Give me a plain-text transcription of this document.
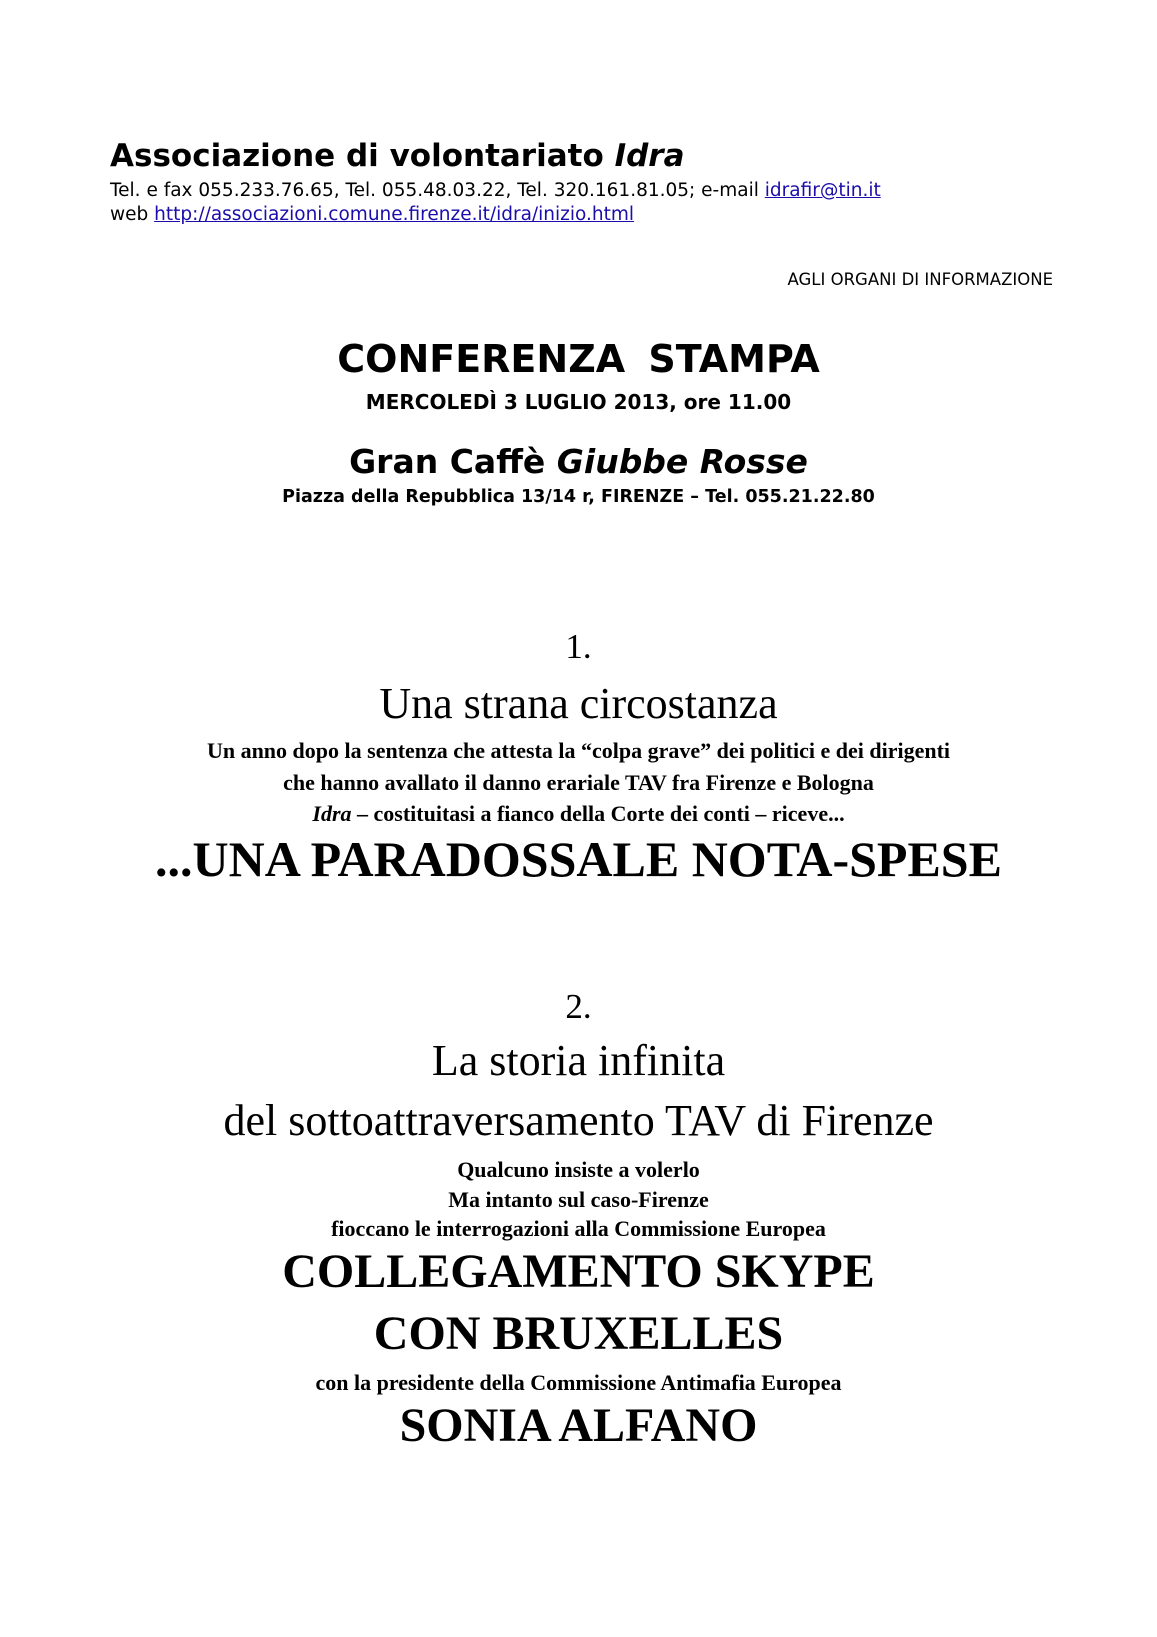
Associazione di volontariato Idra
Tel. e fax 055.233.76.65, Tel. 055.48.03.22, Tel. 320.161.81.05; e-mail idrafir@tin.it
web http://associazioni.comune.firenze.it/idra/inizio.html
AGLI ORGANI DI INFORMAZIONE
CONFERENZA STAMPA
MERCOLEDÌ 3 LUGLIO 2013, ore 11.00
Gran Caffè Giubbe Rosse
Piazza della Repubblica 13/14 r, FIRENZE – Tel. 055.21.22.80
1.
Una strana circostanza
Un anno dopo la sentenza che attesta la “colpa grave” dei politici e dei dirigenti
che hanno avallato il danno erariale TAV fra Firenze e Bologna
Idra – costituitasi a fianco della Corte dei conti – riceve...
...UNA PARADOSSALE NOTA-SPESE
2.
La storia infinita
del sottoattraversamento TAV di Firenze
Qualcuno insiste a volerlo
Ma intanto sul caso-Firenze
fioccano le interrogazioni alla Commissione Europea
COLLEGAMENTO SKYPE
CON BRUXELLES
con la presidente della Commissione Antimafia Europea
SONIA ALFANO
